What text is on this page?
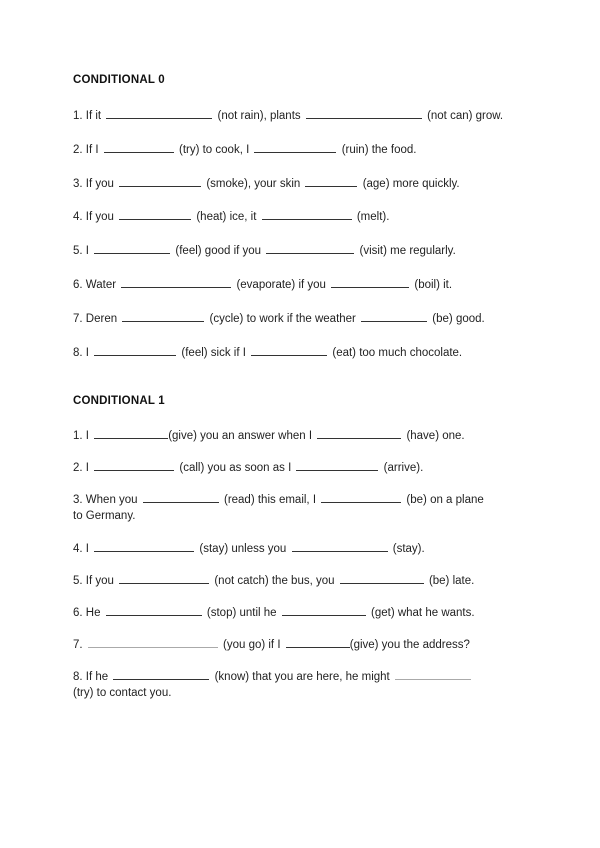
CONDITIONAL 0
1. If it	(not rain), plants	(not can) grow.
2. If I	(try) to cook, I	(ruin) the food.
3. If you	(smoke), your skin	(age) more quickly.
4. If you	(heat) ice, it	(melt).
5. I	(feel) good if you	(visit) me regularly.
6. Water	(evaporate) if you	(boil) it.
7. Deren	(cycle) to work if the weather	(be) good.
8. I	(feel) sick if I	(eat) too much chocolate.
CONDITIONAL 1
1. I	(give) you an answer when I	(have) one.
2. I	(call) you as soon as I	(arrive).
3. When you	(read) this email, I	(be) on a plane
to Germany.
4. I	(stay) unless you	(stay).
5. If you	(not catch) the bus, you	(be) late.
6. He	(stop) until he	(get) what he wants.
7.	(you go) if I	(give) you the address?
8. If he	(know) that you are here, he might
(try) to contact you.
